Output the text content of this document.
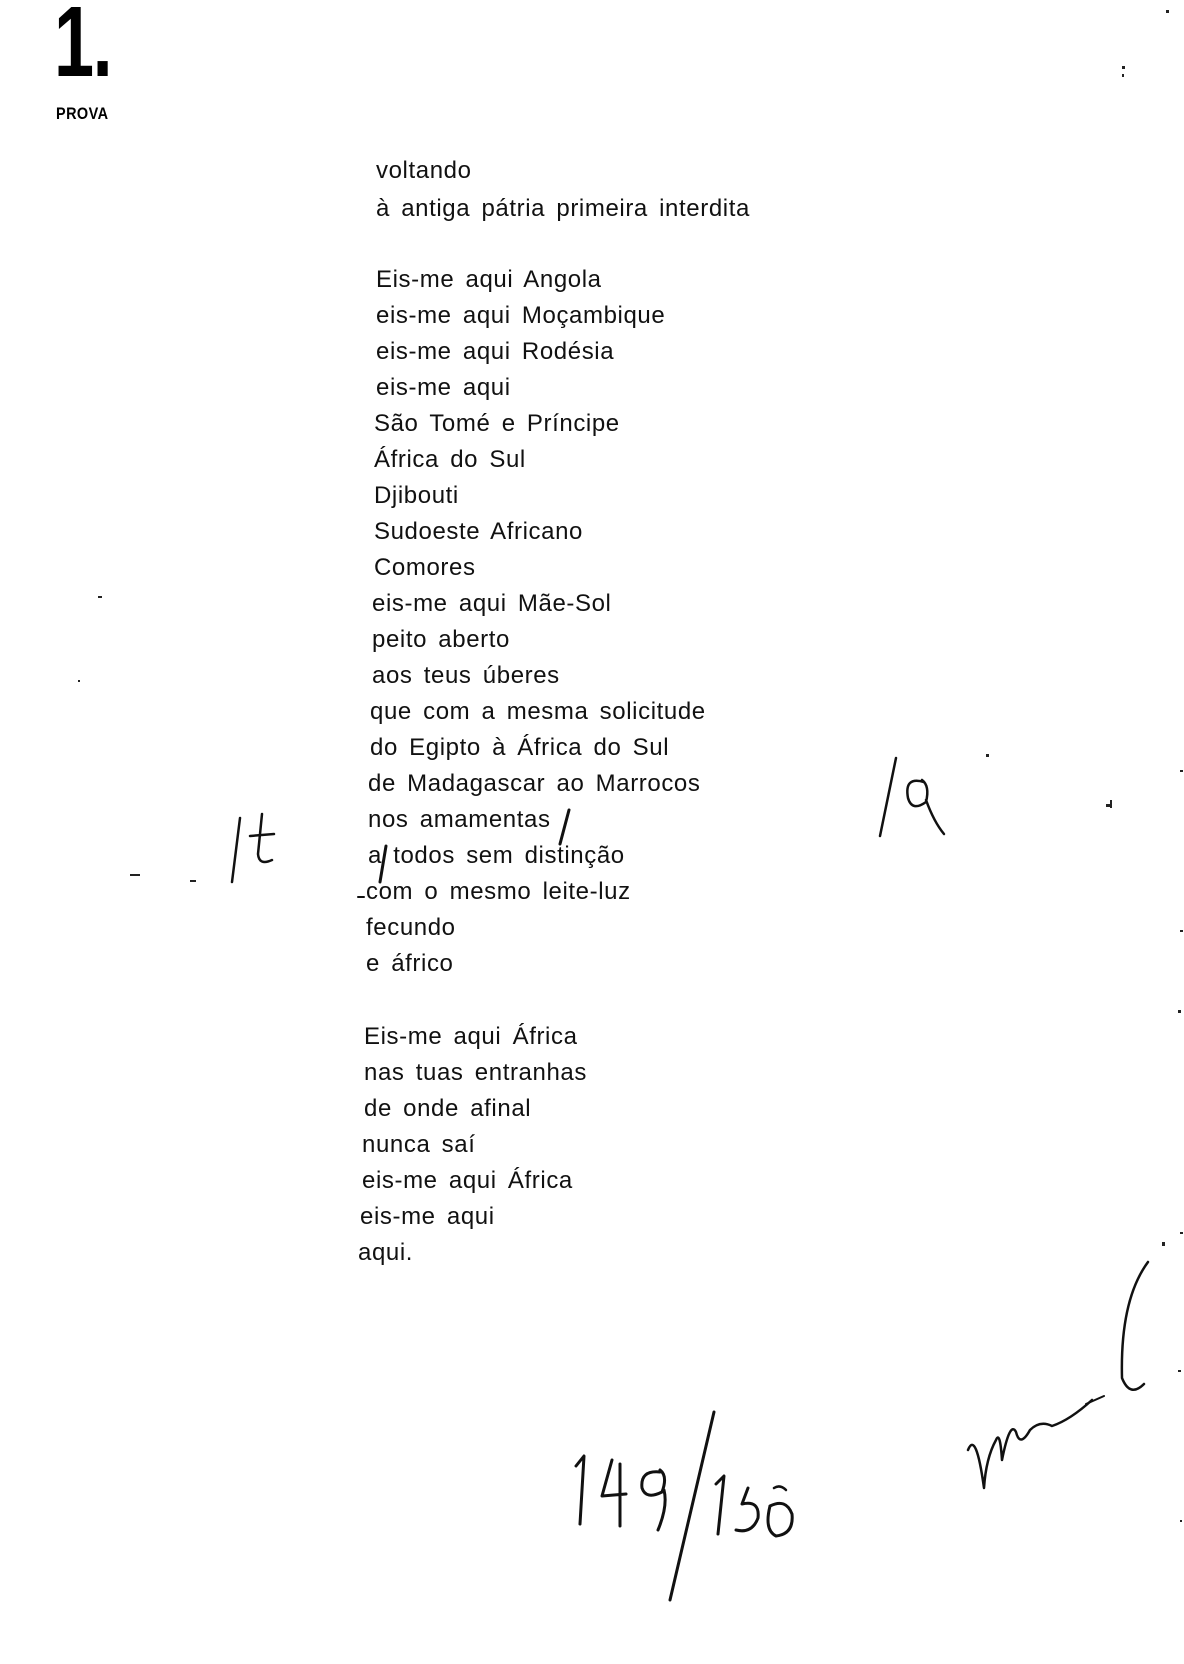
1.
PROVA
voltando
à antiga pátria primeira interdita
Eis-me aqui Angola
eis-me aqui Moçambique
eis-me aqui Rodésia
eis-me aqui
São Tomé e Príncipe
África do Sul
Djibouti
Sudoeste Africano
Comores
eis-me aqui Mãe-Sol
peito aberto
aos teus úberes
que com a mesma solicitude
do Egipto à África do Sul
de Madagascar ao Marrocos
nos amamentas
a todos sem distinção
com o mesmo leite-luz
fecundo
e áfrico
Eis-me aqui África
nas tuas entranhas
de onde afinal
nunca saí
eis-me aqui África
eis-me aqui
aqui.
